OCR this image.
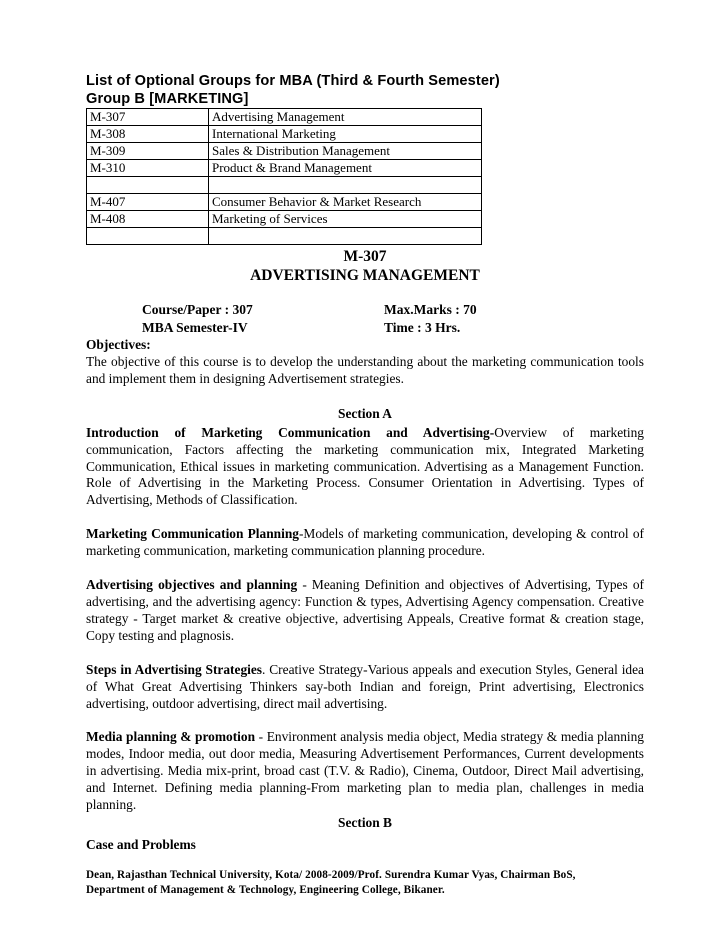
List of Optional Groups for MBA (Third & Fourth Semester)
Group B [MARKETING]
M-307	Advertising Management
M-308	International Marketing
M-309	Sales & Distribution Management
M-310	Product & Brand Management

M-407	Consumer Behavior & Market Research
M-408	Marketing of Services

M-307
ADVERTISING MANAGEMENT
Course/Paper : 307	Max.Marks : 70
MBA Semester-IV	Time : 3 Hrs.
Objectives:
The objective of this course is to develop the understanding about the marketing communication tools and implement them in designing Advertisement strategies.
Section A
Introduction of Marketing Communication and Advertising-Overview of marketing communication, Factors affecting the marketing communication mix, Integrated Marketing Communication, Ethical issues in marketing communication. Advertising as a Management Function. Role of Advertising in the Marketing Process. Consumer Orientation in Advertising. Types of Advertising, Methods of Classification.
Marketing Communication Planning-Models of marketing communication, developing & control of marketing communication, marketing communication planning procedure.
Advertising objectives and planning - Meaning Definition and objectives of Advertising, Types of advertising, and the advertising agency: Function & types, Advertising Agency compensation. Creative strategy - Target market & creative objective, advertising Appeals, Creative format & creation stage, Copy testing and plagnosis.
Steps in Advertising Strategies. Creative Strategy-Various appeals and execution Styles, General idea of What Great Advertising Thinkers say-both Indian and foreign, Print advertising, Electronics advertising, outdoor advertising, direct mail advertising.
Media planning & promotion - Environment analysis media object, Media strategy & media planning modes, Indoor media, out door media, Measuring Advertisement Performances, Current developments in advertising. Media mix-print, broad cast (T.V. & Radio), Cinema, Outdoor, Direct Mail advertising, and Internet. Defining media planning-From marketing plan to media plan, challenges in media planning.
Section B
Case and Problems
Dean, Rajasthan Technical University, Kota/ 2008-2009/Prof. Surendra Kumar Vyas, Chairman BoS,
Department of Management & Technology, Engineering College, Bikaner.
